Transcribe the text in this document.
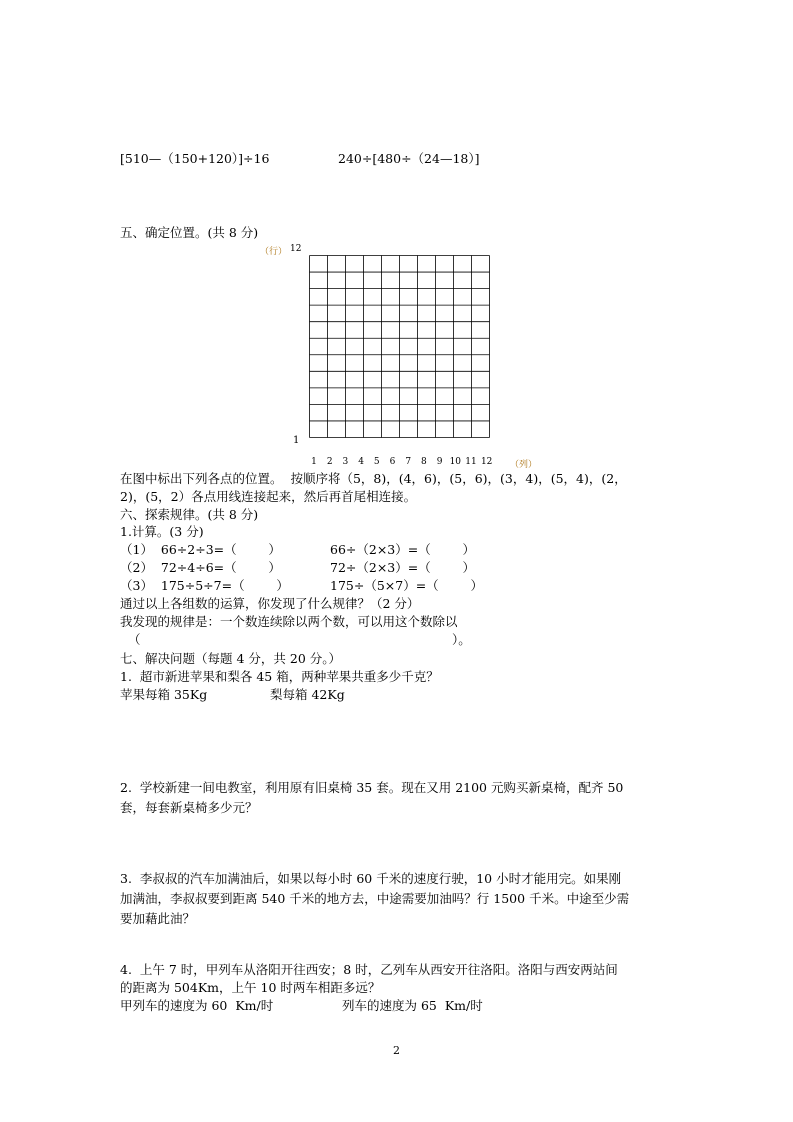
[510—（150+120）]÷16	240÷[480÷（24—18）]
五、确定位置。(共 8 分)
（行） 12
1
1	2	3	4	5	6	7	8	9 10 11 12 （列）
在图中标出下列各点的位置。  按顺序将（5，8)，(4，6)，(5，6)，(3，4)，(5，4)，(2，
2)，(5，2）各点用线连接起来，然后再首尾相连接。
六、探索规律。(共 8 分)
1.计算。(3 分)
（1）  66÷2÷3=（        ）	66÷（2×3）=（        ）
（2）  72÷4÷6=（        ）	72÷（2×3）=（        ）
（3）  175÷5÷7=（        ）	175÷（5×7）=（        ）
通过以上各组数的运算，你发现了什么规律？（2 分）
我发现的规律是：一个数连续除以两个数，可以用这个数除以
（	）。
七、解决问题（每题 4 分，共 20 分。）
1.  超市新进苹果和梨各 45 箱，两种苹果共重多少千克？
苹果每箱 35Kg	梨每箱 42Kg
2.  学校新建一间电教室，利用原有旧桌椅 35 套。现在又用 2100 元购买新桌椅，配齐 50
套，每套新桌椅多少元？
3.  李叔叔的汽车加满油后，如果以每小时 60 千米的速度行驶，10 小时才能用完。如果刚
加满油，李叔叔要到距离 540 千米的地方去，中途需要加油吗？行 1500 千米。中途至少需
要加藉此油？
4.  上午 7 时，甲列车从洛阳开往西安；8 时，乙列车从西安开往洛阳。洛阳与西安两站间
的距离为 504Km，上午 10 时两车相距多远？
甲列车的速度为 60  Km/时	列车的速度为 65  Km/时
2
